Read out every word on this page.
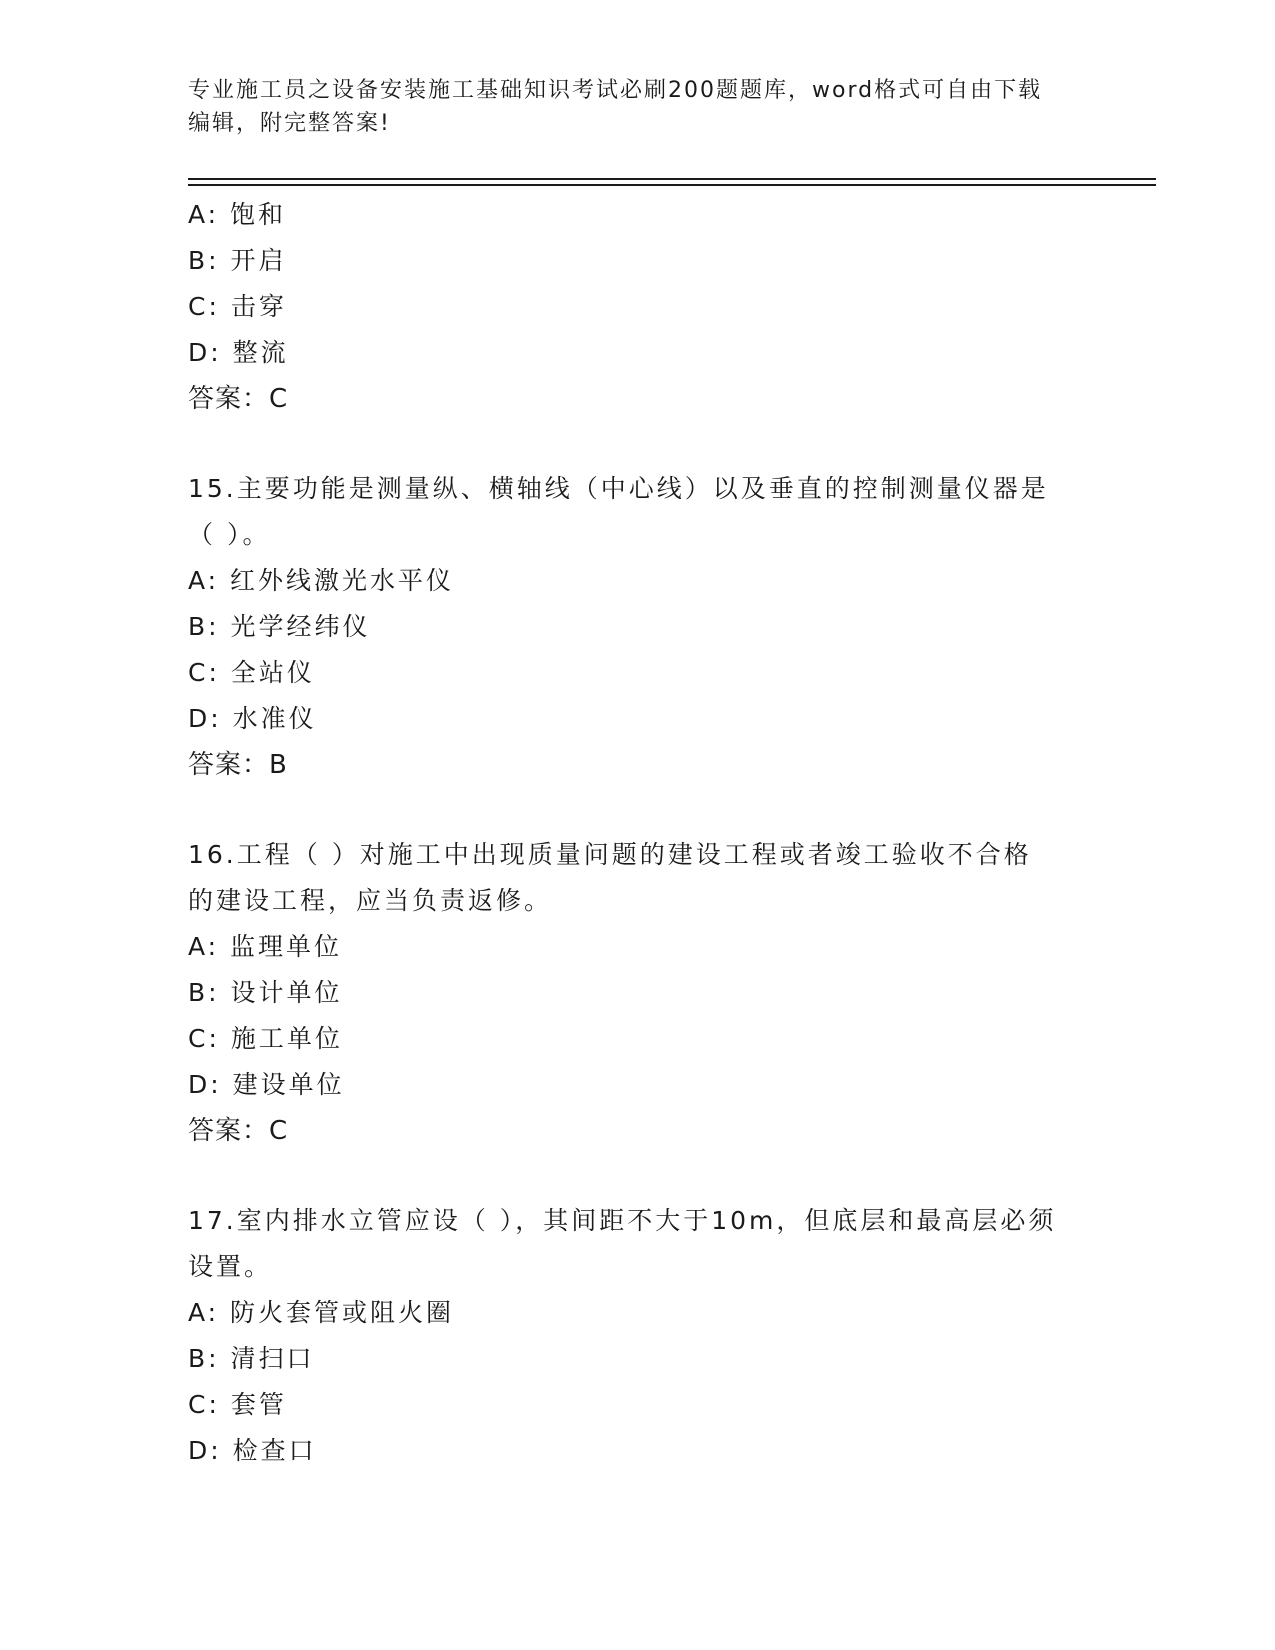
专业施工员之设备安装施工基础知识考试必刷200题题库，word格式可自由下载
编辑，附完整答案!
A: 饱和
B: 开启
C: 击穿
D: 整流
答案：C
15.主要功能是测量纵、横轴线（中心线）以及垂直的控制测量仪器是
（ ）。
A: 红外线激光水平仪
B: 光学经纬仪
C: 全站仪
D: 水准仪
答案：B
16.工程（ ）对施工中出现质量问题的建设工程或者竣工验收不合格
的建设工程，应当负责返修。
A: 监理单位
B: 设计单位
C: 施工单位
D: 建设单位
答案：C
17.室内排水立管应设（ ），其间距不大于10m，但底层和最高层必须
设置。
A: 防火套管或阻火圈
B: 清扫口
C: 套管
D: 检查口
